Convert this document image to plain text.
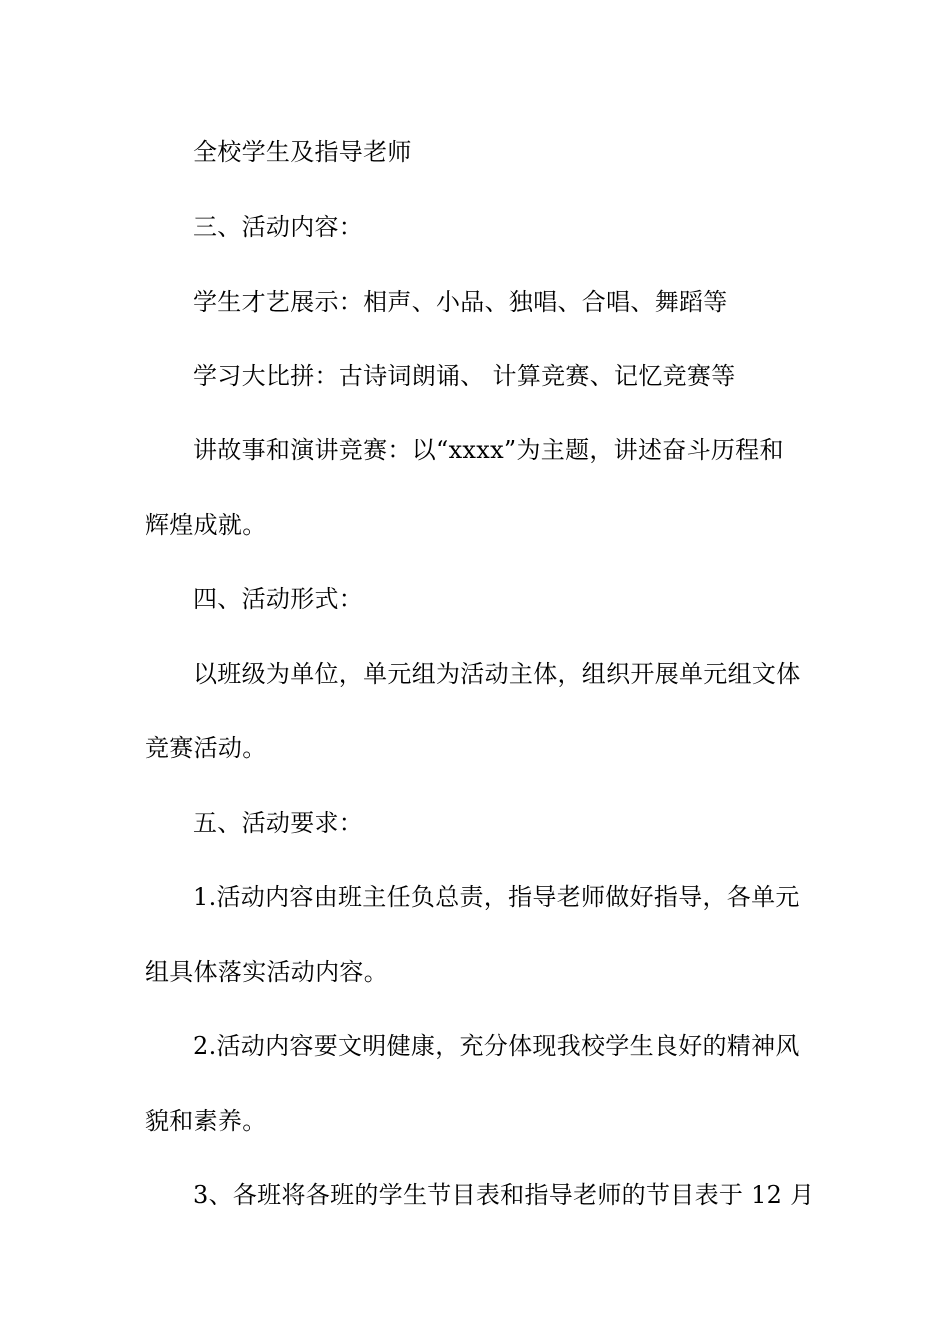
全校学生及指导老师
三、活动内容：
学生才艺展示：相声、小品、独唱、合唱、舞蹈等
学习大比拼：古诗词朗诵、 计算竞赛、记忆竞赛等
讲故事和演讲竞赛：以“xxxx”为主题，讲述奋斗历程和
辉煌成就。
四、活动形式：
以班级为单位，单元组为活动主体，组织开展单元组文体
竞赛活动。
五、活动要求：
1.活动内容由班主任负总责，指导老师做好指导，各单元
组具体落实活动内容。
2.活动内容要文明健康，充分体现我校学生良好的精神风
貌和素养。
3、各班将各班的学生节目表和指导老师的节目表于 12 月
